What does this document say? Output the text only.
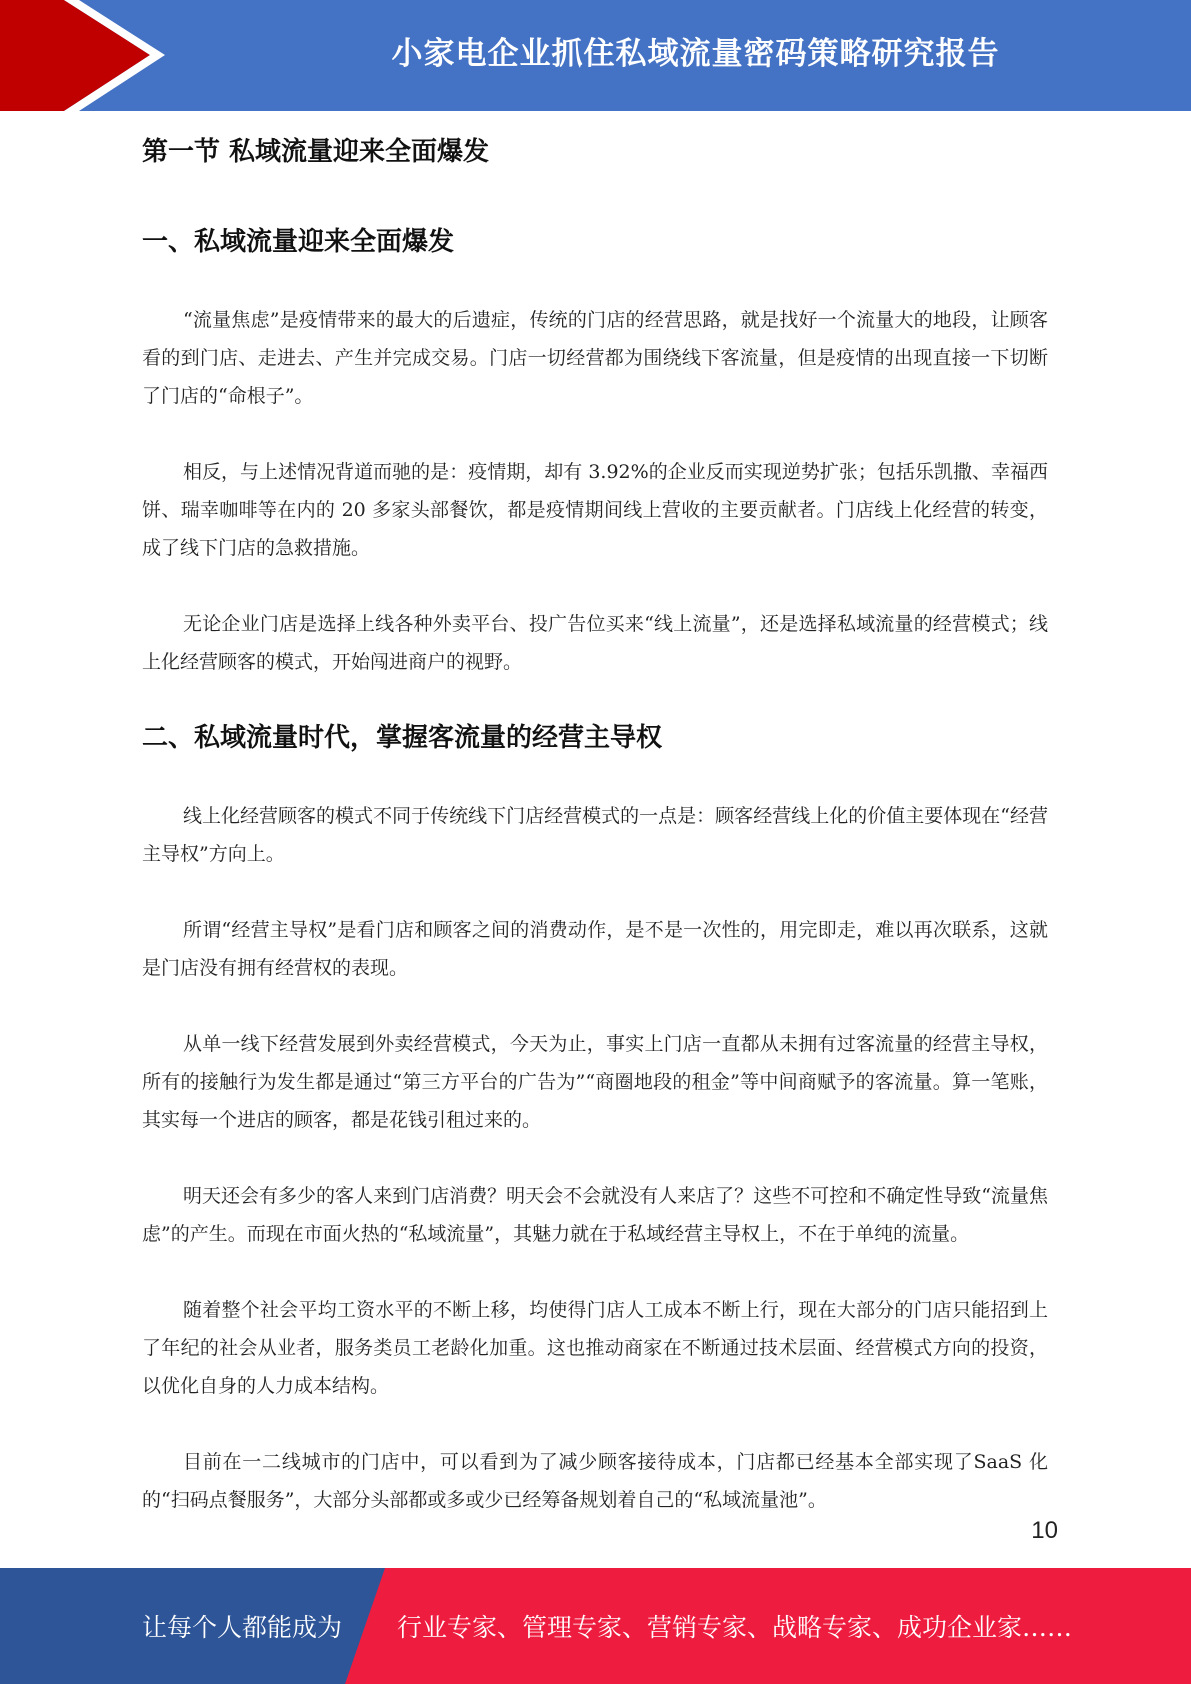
小家电企业抓住私域流量密码策略研究报告
第一节 私域流量迎来全面爆发
一、私域流量迎来全面爆发

“流量焦虑”是疫情带来的最大的后遗症，传统的门店的经营思路，就是找好一个流量大的地段，让顾客看的到门店、走进去、产生并完成交易。门店一切经营都为围绕线下客流量，但是疫情的出现直接一下切断了门店的“命根子”。

相反，与上述情况背道而驰的是：疫情期，却有 3.92%的企业反而实现逆势扩张；包括乐凯撒、幸福西饼、瑞幸咖啡等在内的 20 多家头部餐饮，都是疫情期间线上营收的主要贡献者。门店线上化经营的转变，成了线下门店的急救措施。

无论企业门店是选择上线各种外卖平台、投广告位买来“线上流量”，还是选择私域流量的经营模式；线上化经营顾客的模式，开始闯进商户的视野。

二、私域流量时代，掌握客流量的经营主导权

线上化经营顾客的模式不同于传统线下门店经营模式的一点是：顾客经营线上化的价值主要体现在“经营主导权”方向上。

所谓“经营主导权”是看门店和顾客之间的消费动作，是不是一次性的，用完即走，难以再次联系，这就是门店没有拥有经营权的表现。

从单一线下经营发展到外卖经营模式，今天为止，事实上门店一直都从未拥有过客流量的经营主导权，所有的接触行为发生都是通过“第三方平台的广告为”“商圈地段的租金”等中间商赋予的客流量。算一笔账，其实每一个进店的顾客，都是花钱引租过来的。

明天还会有多少的客人来到门店消费？明天会不会就没有人来店了？这些不可控和不确定性导致“流量焦虑”的产生。而现在市面火热的“私域流量”，其魅力就在于私域经营主导权上，不在于单纯的流量。

随着整个社会平均工资水平的不断上移，均使得门店人工成本不断上行，现在大部分的门店只能招到上了年纪的社会从业者，服务类员工老龄化加重。这也推动商家在不断通过技术层面、经营模式方向的投资，以优化自身的人力成本结构。

目前在一二线城市的门店中，可以看到为了减少顾客接待成本，门店都已经基本全部实现了SaaS 化的“扫码点餐服务”，大部分头部都或多或少已经筹备规划着自己的“私域流量池”。

10
让每个人都能成为 行业专家、管理专家、营销专家、战略专家、成功企业家……
